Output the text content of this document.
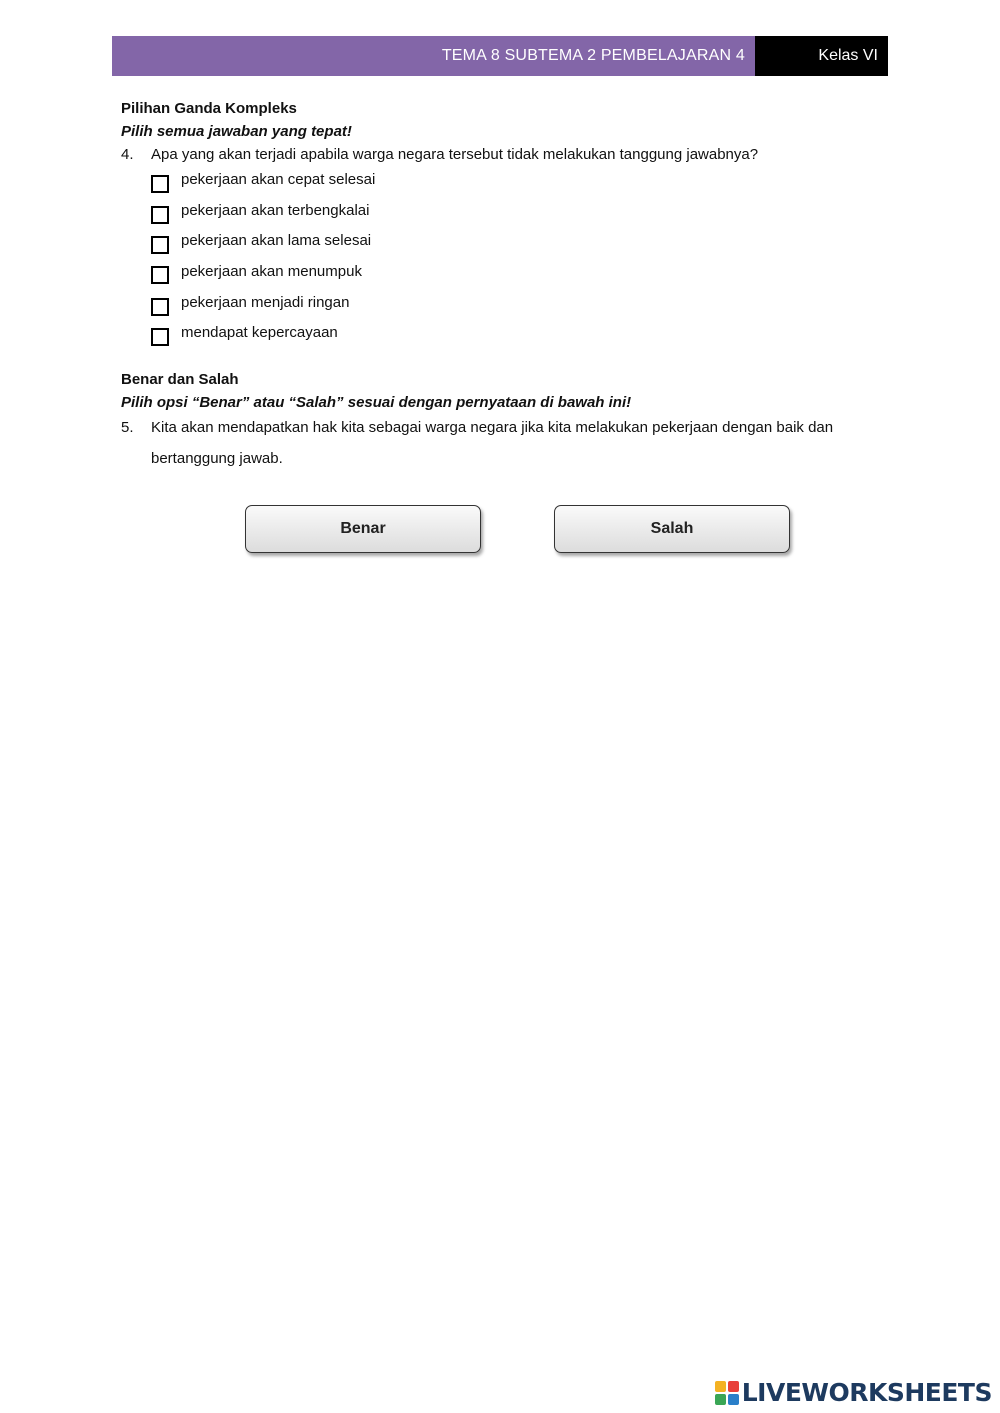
TEMA 8 SUBTEMA 2 PEMBELAJARAN 4	Kelas VI
Pilihan Ganda Kompleks
Pilih semua jawaban yang tepat!
4. Apa yang akan terjadi apabila warga negara tersebut tidak melakukan tanggung jawabnya?
pekerjaan akan cepat selesai
pekerjaan akan terbengkalai
pekerjaan akan lama selesai
pekerjaan akan menumpuk
pekerjaan menjadi ringan
mendapat kepercayaan
Benar dan Salah
Pilih opsi “Benar” atau “Salah” sesuai dengan pernyataan di bawah ini!
5. Kita akan mendapatkan hak kita sebagai warga negara jika kita melakukan pekerjaan dengan baik dan
bertanggung jawab.
Benar	Salah
LIVEWORKSHEETS
